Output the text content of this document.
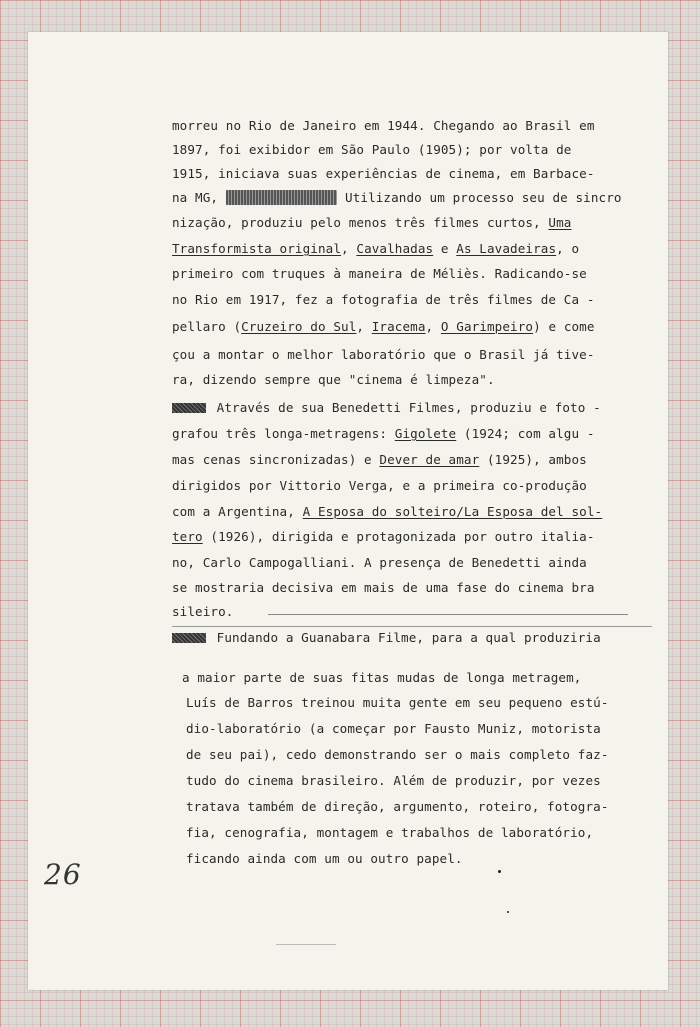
morreu no Rio de Janeiro em 1944. Chegando ao Brasil em
1897, foi exibidor em São Paulo (1905); por volta de
1915, iniciava suas experiências de cinema, em Barbace-
na MG,	Utilizando um processo seu de sincro
nização, produziu pelo menos três filmes curtos, Uma
Transformista original, Cavalhadas e As Lavadeiras, o
primeiro com truques à maneira de Méliès. Radicando-se
no Rio em 1917, fez a fotografia de três filmes de Ca -
pellaro (Cruzeiro do Sul, Iracema, O Garimpeiro) e come
çou a montar o melhor laboratório que o Brasil já tive-
ra, dizendo sempre que "cinema é limpeza".
Através de sua Benedetti Filmes, produziu e foto -
grafou três longa-metragens: Gigolete (1924; com algu -
mas cenas sincronizadas) e Dever de amar (1925), ambos
dirigidos por Vittorio Verga, e a primeira co-produção
com a Argentina, A Esposa do solteiro/La Esposa del sol-
tero (1926), dirigida e protagonizada por outro italia-
no, Carlo Campogalliani. A presença de Benedetti ainda
se mostraria decisiva em mais de uma fase do cinema bra
sileiro.
Fundando a Guanabara Filme, para a qual produziria
a maior parte de suas fitas mudas de longa metragem,
Luís de Barros treinou muita gente em seu pequeno estú-
dio-laboratório (a começar por Fausto Muniz, motorista
de seu pai), cedo demonstrando ser o mais completo faz-
tudo do cinema brasileiro. Além de produzir, por vezes
tratava também de direção, argumento, roteiro, fotogra-
fia, cenografia, montagem e trabalhos de laboratório,
ficando ainda com um ou outro papel.
26
